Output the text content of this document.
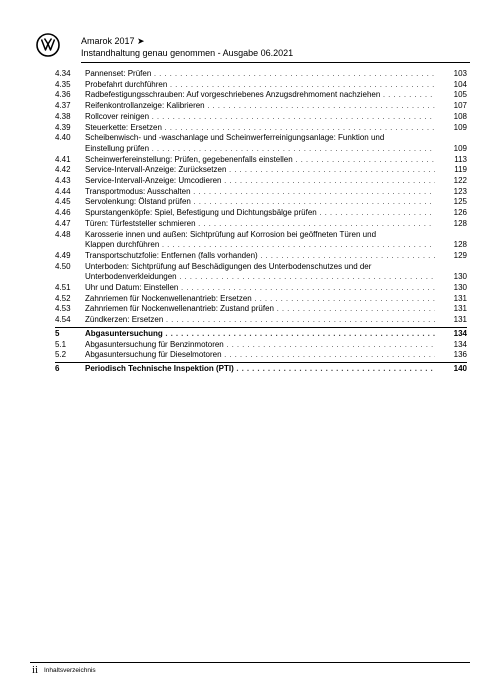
Amarok 2017 ➤
Instandhaltung genau genommen - Ausgabe 06.2021
4.34	Pannenset: Prüfen . . .	103
4.35	Probefahrt durchführen . . .	104
4.36	Radbefestigungsschrauben: Auf vorgeschriebenes Anzugsdrehmoment nachziehen . . .	105
4.37	Reifenkontrollanzeige: Kalibrieren . . .	107
4.38	Rollcover reinigen . . .	108
4.39	Steuerkette: Ersetzen . . .	109
4.40	Scheibenwisch- und -waschanlage und Scheinwerferreinigungsanlage: Funktion und
Einstellung prüfen . . .	109
4.41	Scheinwerfereinstellung: Prüfen, gegebenenfalls einstellen . . .	113
4.42	Service-Intervall-Anzeige: Zurücksetzen . . .	119
4.43	Service-Intervall-Anzeige: Umcodieren . . .	122
4.44	Transportmodus: Ausschalten . . .	123
4.45	Servolenkung: Ölstand prüfen . . .	125
4.46	Spurstangenköpfe: Spiel, Befestigung und Dichtungsbälge prüfen . . .	126
4.47	Türen: Türfeststeller schmieren . . .	128
4.48	Karosserie innen und außen: Sichtprüfung auf Korrosion bei geöffneten Türen und
Klappen durchführen . . .	128
4.49	Transportschutzfolie: Entfernen (falls vorhanden) . . .	129
4.50	Unterboden: Sichtprüfung auf Beschädigungen des Unterbodenschutzes und der
Unterbodenverkleidungen . . .	130
4.51	Uhr und Datum: Einstellen . . .	130
4.52	Zahnriemen für Nockenwellenantrieb: Ersetzen . . .	131
4.53	Zahnriemen für Nockenwellenantrieb: Zustand prüfen . . .	131
4.54	Zündkerzen: Ersetzen . . .	131
5	Abgasuntersuchung . . .	134
5.1	Abgasuntersuchung für Benzinmotoren . . .	134
5.2	Abgasuntersuchung für Dieselmotoren . . .	136
6	Periodisch Technische Inspektion (PTI) . . .	140
ii Inhaltsverzeichnis
